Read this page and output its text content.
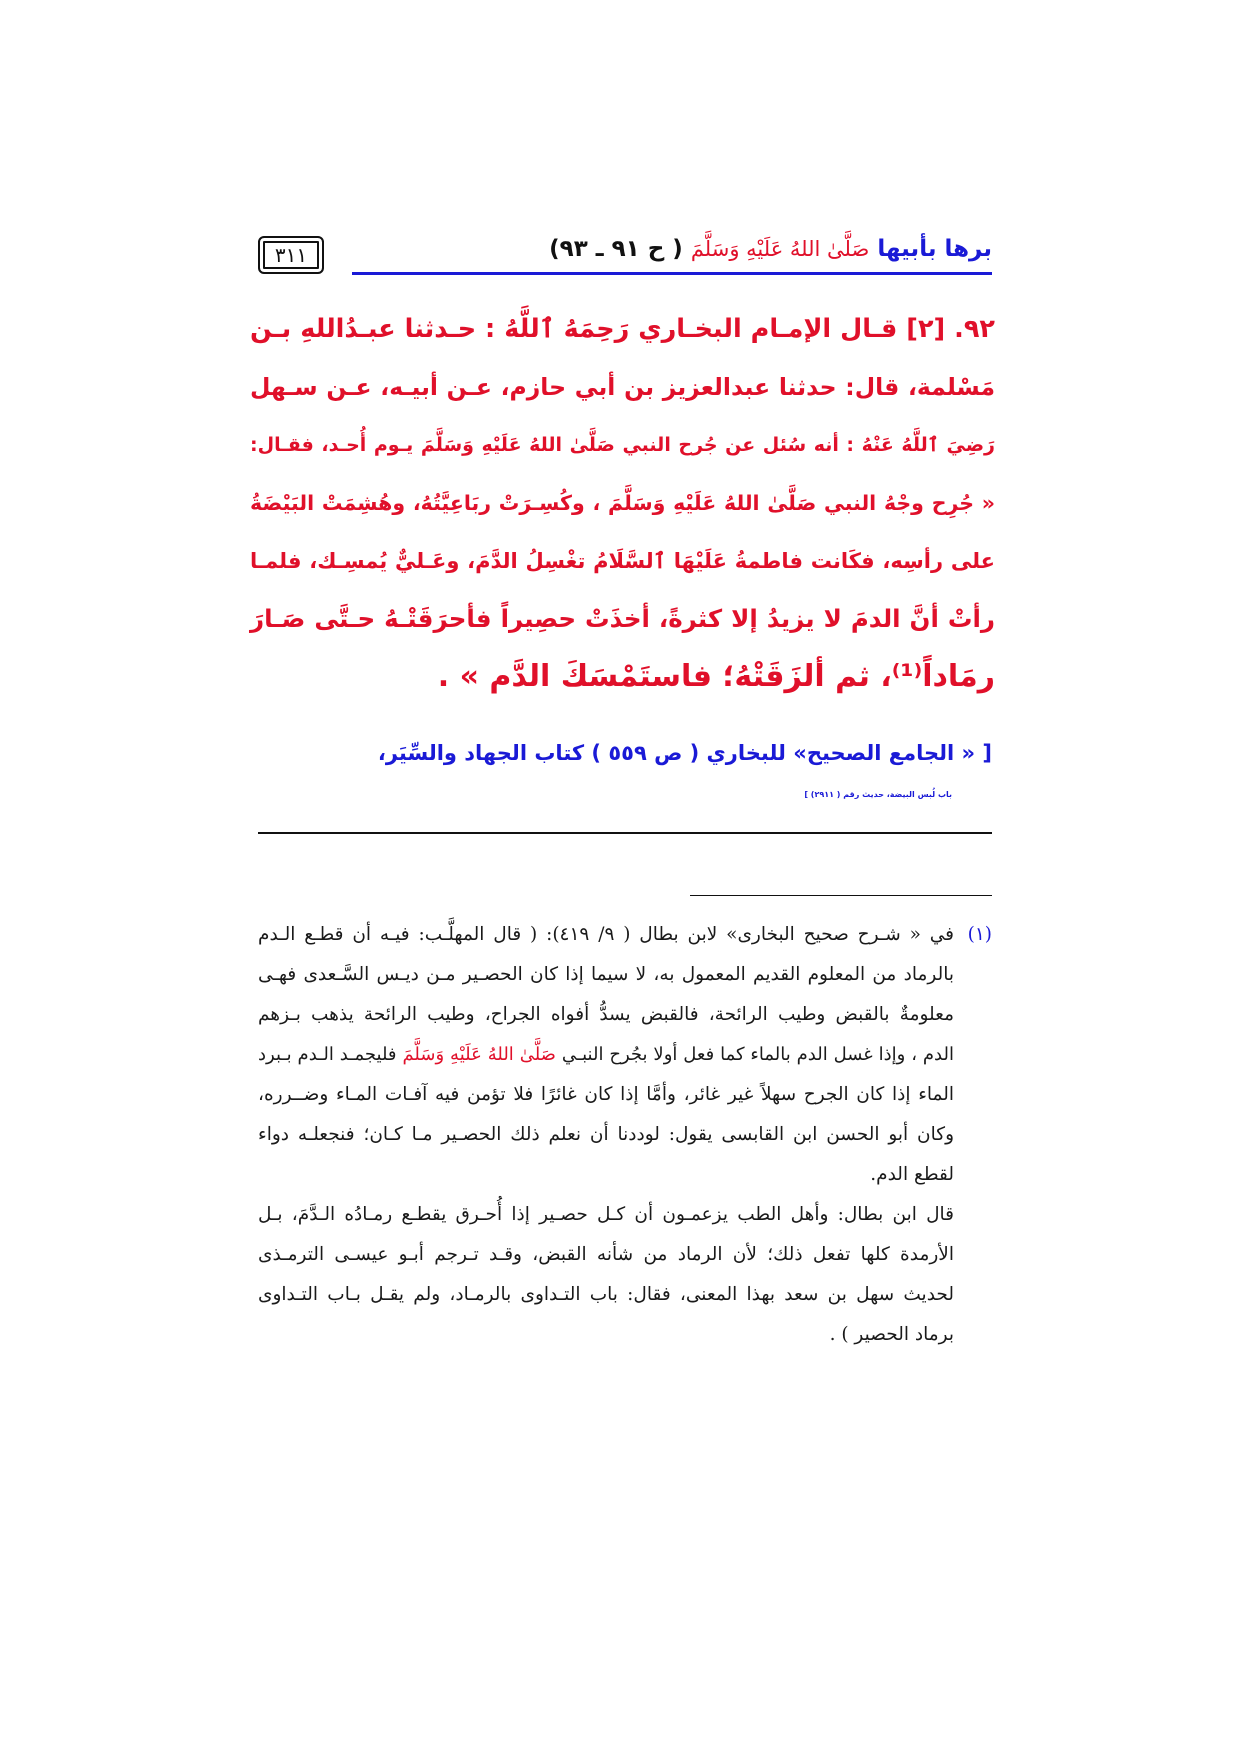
برها بأبيها صَلَّىٰ اللهُ عَلَيْهِ وَسَلَّمَ ( ح ٩١ ـ ٩٣)
٣١١
٩٢. [٢] قـال الإمـام البخـاري رَحِمَهُ ٱللَّهُ : حـدثنا عبـدُاللهِ بـن
مَسْلمة، قال: حدثنا عبدالعزيز بن أبي حازم، عـن أبيـه، عـن سـهل
رَضِيَ ٱللَّهُ عَنْهُ : أنه سُئل عن جُرح النبي صَلَّىٰ اللهُ عَلَيْهِ وَسَلَّمَ يـوم أُحـد، فقـال:
« جُرِح وجْهُ النبي صَلَّىٰ اللهُ عَلَيْهِ وَسَلَّمَ ، وكُسِـرَتْ ربَاعِيَّتُهُ، وهُشِمَتْ البَيْضَةُ
على رأسِه، فكَانت فاطمةُ عَلَيْهَا ٱلسَّلَامُ تغْسِلُ الدَّمَ، وعَـليٌّ يُمسِـك، فلمـا
رأتْ أنَّ الدمَ لا يزيدُ إلا كثرةً، أخذَتْ حصِيراً فأحرَقَتْـهُ حـتَّى صَـارَ
رمَاداً⁽¹⁾، ثم ألزَقَتْهُ؛ فاستَمْسَكَ الدَّم » .
[ « الجامع الصحيح» للبخاري ( ص ٥٥٩ ) كتاب الجهاد والسِّيَر،
باب لُبس البيضة، حديث رقم ( ٢٩١١) ]
(١)
في « شـرح صحيح البخارى» لابن بطال ( ٩/ ٤١٩): ( قال المهلَّـب: فيـه أن قطـع الـدم
بالرماد من المعلوم القديم المعمول به، لا سيما إذا كان الحصـير مـن ديـس السَّـعدى فهـى
معلومةٌ بالقبض وطيب الرائحة، فالقبض يسدُّ أفواه الجراح، وطيب الرائحة يذهب بـزهم
الدم ، وإذا غسل الدم بالماء كما فعل أولا بجُرح النبـي صَلَّىٰ اللهُ عَلَيْهِ وَسَلَّمَ فليجمـد الـدم بـبرد
الماء إذا كان الجرح سهلاً غير غائر، وأمَّا إذا كان غائرًا فلا تؤمن فيه آفـات المـاء وضــرره،
وكان أبو الحسن ابن القابسى يقول: لوددنا أن نعلم ذلك الحصـير مـا كـان؛ فنجعلـه دواء
لقطع الدم.
قال ابن بطال: وأهل الطب يزعمـون أن كـل حصـير إذا أُحـرق يقطـع رمـادُه الـدَّمَ، بـل
الأرمدة كلها تفعل ذلك؛ لأن الرماد من شأنه القبض، وقـد تـرجم أبـو عيسـى الترمـذى
لحديث سهل بن سعد بهذا المعنى، فقال: باب التـداوى بالرمـاد، ولم يقـل بـاب التـداوى
برماد الحصير ) .
